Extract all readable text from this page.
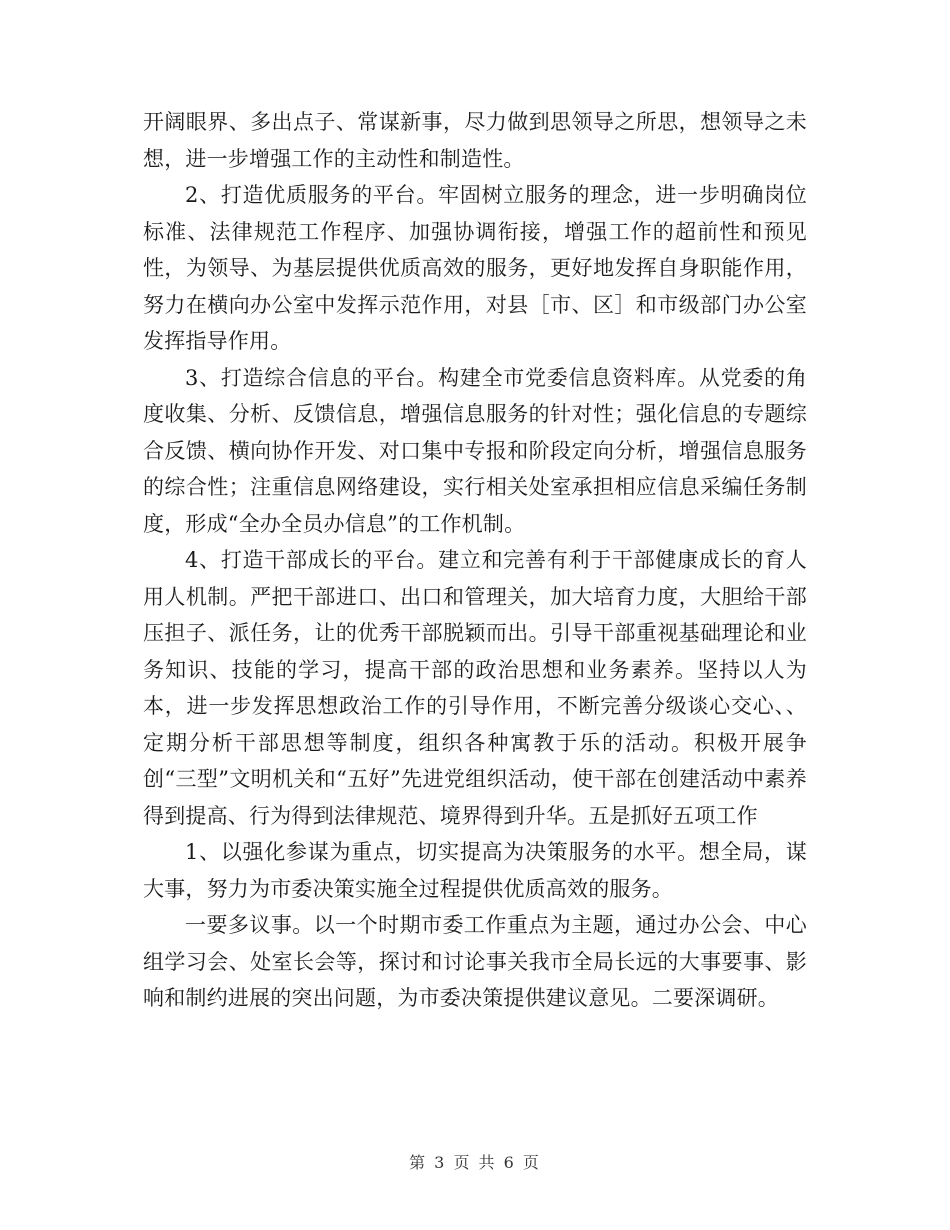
开阔眼界、多出点子、常谋新事，尽力做到思领导之所思，想领导之未想，进一步增强工作的主动性和制造性。

2、打造优质服务的平台。牢固树立服务的理念，进一步明确岗位标准、法律规范工作程序、加强协调衔接，增强工作的超前性和预见性，为领导、为基层提供优质高效的服务，更好地发挥自身职能作用，努力在横向办公室中发挥示范作用，对县［市、区］和市级部门办公室发挥指导作用。

3、打造综合信息的平台。构建全市党委信息资料库。从党委的角度收集、分析、反馈信息，增强信息服务的针对性；强化信息的专题综合反馈、横向协作开发、对口集中专报和阶段定向分析，增强信息服务的综合性；注重信息网络建设，实行相关处室承担相应信息采编任务制度，形成“全办全员办信息”的工作机制。

4、打造干部成长的平台。建立和完善有利于干部健康成长的育人用人机制。严把干部进口、出口和管理关，加大培育力度，大胆给干部压担子、派任务，让的优秀干部脱颖而出。引导干部重视基础理论和业务知识、技能的学习，提高干部的政治思想和业务素养。坚持以人为本，进一步发挥思想政治工作的引导作用，不断完善分级谈心交心、、定期分析干部思想等制度，组织各种寓教于乐的活动。积极开展争创“三型”文明机关和“五好”先进党组织活动，使干部在创建活动中素养得到提高、行为得到法律规范、境界得到升华。五是抓好五项工作

1、以强化参谋为重点，切实提高为决策服务的水平。想全局，谋大事，努力为市委决策实施全过程提供优质高效的服务。

一要多议事。以一个时期市委工作重点为主题，通过办公会、中心组学习会、处室长会等，探讨和讨论事关我市全局长远的大事要事、影响和制约进展的突出问题，为市委决策提供建议意见。二要深调研。

第 3 页 共 6 页
